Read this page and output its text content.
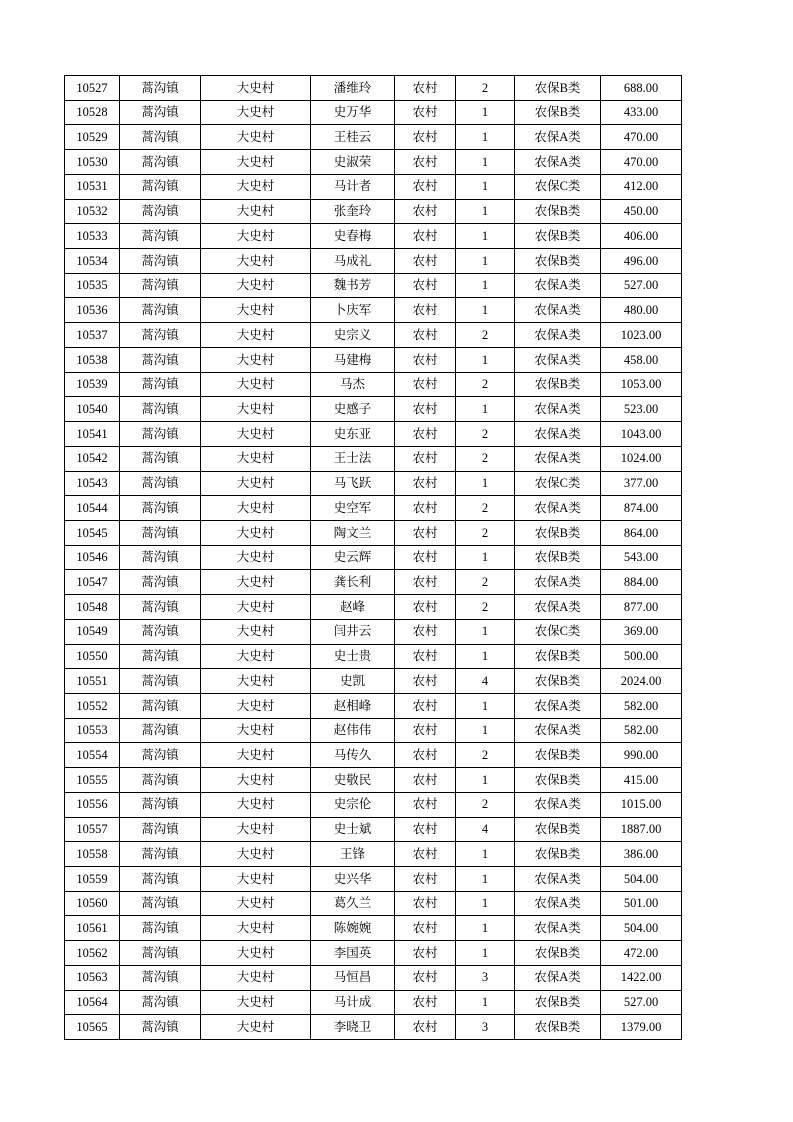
10527	蒿沟镇	大史村	潘维玲	农村	2	农保B类	688.00
10528	蒿沟镇	大史村	史万华	农村	1	农保B类	433.00
10529	蒿沟镇	大史村	王桂云	农村	1	农保A类	470.00
10530	蒿沟镇	大史村	史淑荣	农村	1	农保A类	470.00
10531	蒿沟镇	大史村	马计者	农村	1	农保C类	412.00
10532	蒿沟镇	大史村	张奎玲	农村	1	农保B类	450.00
10533	蒿沟镇	大史村	史春梅	农村	1	农保B类	406.00
10534	蒿沟镇	大史村	马成礼	农村	1	农保B类	496.00
10535	蒿沟镇	大史村	魏书芳	农村	1	农保A类	527.00
10536	蒿沟镇	大史村	卜庆军	农村	1	农保A类	480.00
10537	蒿沟镇	大史村	史宗义	农村	2	农保A类	1023.00
10538	蒿沟镇	大史村	马建梅	农村	1	农保A类	458.00
10539	蒿沟镇	大史村	马杰	农村	2	农保B类	1053.00
10540	蒿沟镇	大史村	史感子	农村	1	农保A类	523.00
10541	蒿沟镇	大史村	史东亚	农村	2	农保A类	1043.00
10542	蒿沟镇	大史村	王士法	农村	2	农保A类	1024.00
10543	蒿沟镇	大史村	马飞跃	农村	1	农保C类	377.00
10544	蒿沟镇	大史村	史空军	农村	2	农保A类	874.00
10545	蒿沟镇	大史村	陶文兰	农村	2	农保B类	864.00
10546	蒿沟镇	大史村	史云辉	农村	1	农保B类	543.00
10547	蒿沟镇	大史村	龚长利	农村	2	农保A类	884.00
10548	蒿沟镇	大史村	赵峰	农村	2	农保A类	877.00
10549	蒿沟镇	大史村	闫井云	农村	1	农保C类	369.00
10550	蒿沟镇	大史村	史士贵	农村	1	农保B类	500.00
10551	蒿沟镇	大史村	史凯	农村	4	农保B类	2024.00
10552	蒿沟镇	大史村	赵相峰	农村	1	农保A类	582.00
10553	蒿沟镇	大史村	赵伟伟	农村	1	农保A类	582.00
10554	蒿沟镇	大史村	马传久	农村	2	农保B类	990.00
10555	蒿沟镇	大史村	史敬民	农村	1	农保B类	415.00
10556	蒿沟镇	大史村	史宗伦	农村	2	农保A类	1015.00
10557	蒿沟镇	大史村	史士斌	农村	4	农保B类	1887.00
10558	蒿沟镇	大史村	王锋	农村	1	农保B类	386.00
10559	蒿沟镇	大史村	史兴华	农村	1	农保A类	504.00
10560	蒿沟镇	大史村	葛久兰	农村	1	农保A类	501.00
10561	蒿沟镇	大史村	陈婉婉	农村	1	农保A类	504.00
10562	蒿沟镇	大史村	李国英	农村	1	农保B类	472.00
10563	蒿沟镇	大史村	马恒昌	农村	3	农保A类	1422.00
10564	蒿沟镇	大史村	马计成	农村	1	农保B类	527.00
10565	蒿沟镇	大史村	李晓卫	农村	3	农保B类	1379.00
